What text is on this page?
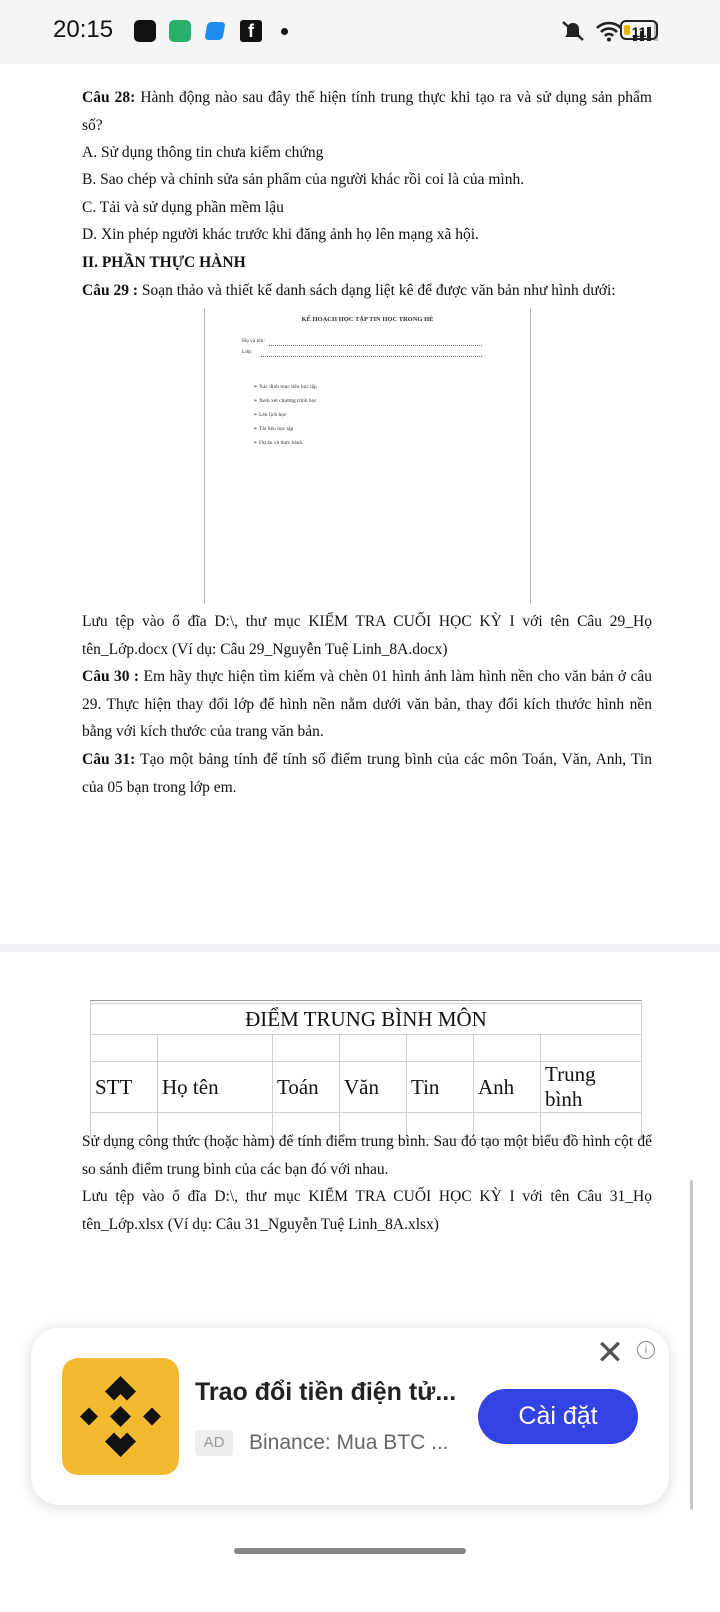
20:15	f	11
Câu 28: Hành động nào sau đây thể hiện tính trung thực khi tạo ra và sử dụng sản phẩm số?
A. Sử dụng thông tin chưa kiểm chứng
B. Sao chép và chỉnh sửa sản phẩm của người khác rồi coi là của mình.
C. Tải và sử dụng phần mềm lậu
D. Xin phép người khác trước khi đăng ảnh họ lên mạng xã hội.
II. PHẦN THỰC HÀNH
Câu 29 : Soạn thảo và thiết kế danh sách dạng liệt kê để được văn bản như hình dưới:
KẾ HOẠCH HỌC TẬP TIN HỌC TRONG HÈ
Họ và tên:
Lớp:
➢ Xác định mục tiêu học tập
➢ Xem xét chương trình học
➢ Lên lịch học
➢ Tài liệu học tập
➢ Dự án và thực hành
Lưu tệp vào ổ đĩa D:\, thư mục KIỂM TRA CUỐI HỌC KỲ I với tên Câu 29_Họ tên_Lớp.docx (Ví dụ: Câu 29_Nguyễn Tuệ Linh_8A.docx)
Câu 30 : Em hãy thực hiện tìm kiếm và chèn 01 hình ảnh làm hình nền cho văn bản ở câu 29. Thực hiện thay đổi lớp để hình nền nằm dưới văn bản, thay đổi kích thước hình nền bằng với kích thước của trang văn bản.
Câu 31: Tạo một bảng tính để tính số điểm trung bình của các môn Toán, Văn, Anh, Tin của 05 bạn trong lớp em.

ĐIỂM TRUNG BÌNH MÔN						

STT	Họ tên	Toán	Văn	Tin	Anh	Trung bình

Sử dụng công thức (hoặc hàm) để tính điểm trung bình. Sau đó tạo một biểu đồ hình cột để so sánh điểm trung bình của các bạn đó với nhau.
Lưu tệp vào ổ đĩa D:\, thư mục KIỂM TRA CUỐI HỌC KỲ I với tên Câu 31_Họ tên_Lớp.xlsx (Ví dụ: Câu 31_Nguyễn Tuệ Linh_8A.xlsx)
Trao đổi tiền điện tử...
AD	Binance: Mua BTC ...
Cài đặt
✕	i
